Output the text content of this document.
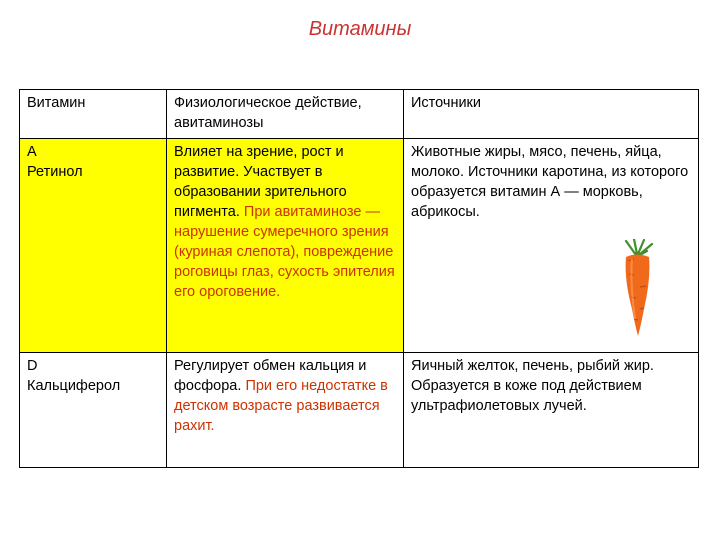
Витамины
Витамин	Физиологическое действие, авитаминозы	Источники

А
Ретинол	Влияет на зрение, рост и развитие. Участвует в образовании зрительного пигмента. При авитаминозе — нарушение сумеречного зрения (куриная слепота), повреждение роговицы глаз, сухость эпителия его ороговение.	Животные жиры, мясо, печень, яйца, молоко. Источники каротина, из которого образуется витамин А — морковь, абрикосы.

D
Кальциферол	Регулирует обмен кальция и фосфора. При его недостатке в детском возрасте развивается рахит.	Яичный желток, печень, рыбий жир. Образуется в коже под действием ультрафиолетовых лучей.
